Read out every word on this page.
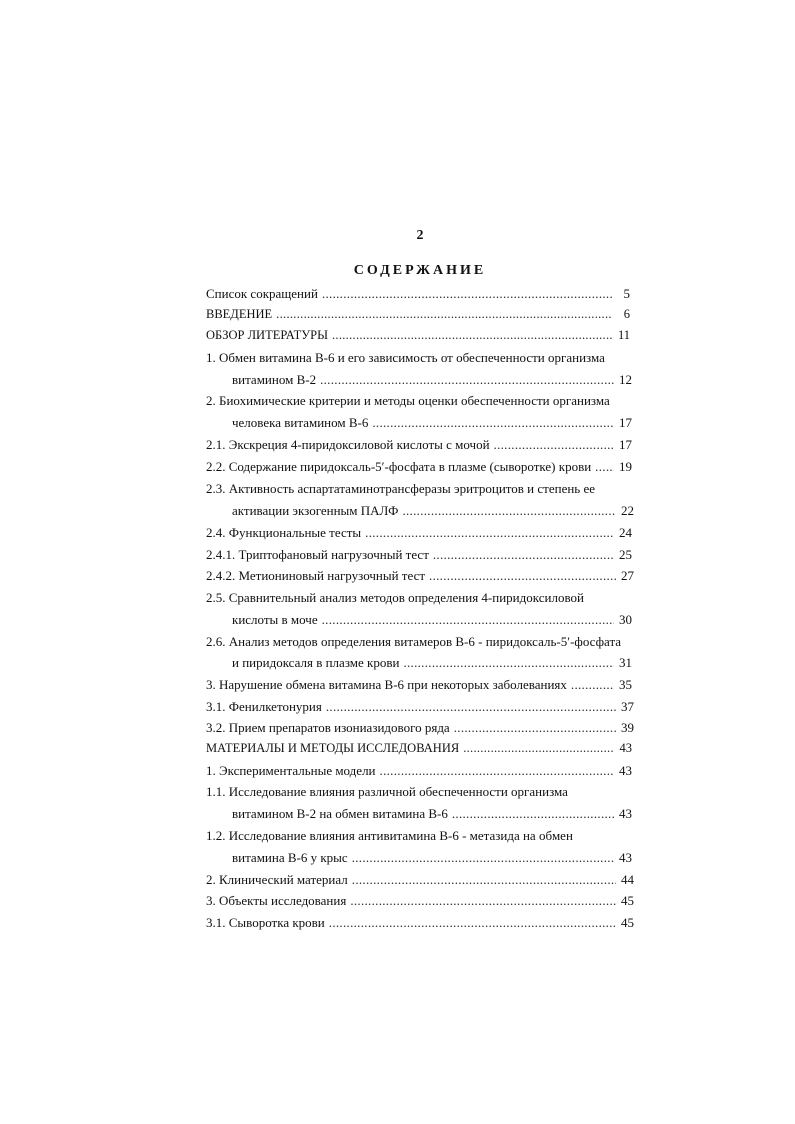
2
СОДЕРЖАНИЕ
Список сокращений .....	5
ВВЕДЕНИЕ .....	6
ОБЗОР ЛИТЕРАТУРЫ .....	11
1. Обмен витамина В-6 и его зависимость от обеспеченности организма
витамином В-2 .....	12
2. Биохимические критерии и методы оценки обеспеченности организма
человека витамином В-6 .....	17
2.1. Экскреция 4-пиридоксиловой кислоты с мочой .....	17
2.2. Содержание пиридоксаль-5′-фосфата в плазме (сыворотке) крови ..... 19
2.3. Активность аспартатаминотрансферазы эритроцитов и степень ее
активации экзогенным ПАЛФ .....	22
2.4. Функциональные тесты .....	24
2.4.1. Триптофановый нагрузочный тест .....	25
2.4.2. Метиониновый нагрузочный тест .....	27
2.5. Сравнительный анализ методов определения 4-пиридоксиловой
кислоты в моче .....	30
2.6. Анализ методов определения витамеров В-6 - пиридоксаль-5′-фосфата
и пиридоксаля в плазме крови .....	31
3. Нарушение обмена витамина В-6 при некоторых заболеваниях .....	35
3.1. Фенилкетонурия .....	37
3.2. Прием препаратов изониазидового ряда .....	39
МАТЕРИАЛЫ И МЕТОДЫ ИССЛЕДОВАНИЯ .....	43
1. Экспериментальные модели .....	43
1.1. Исследование влияния различной обеспеченности организма
витамином В-2 на обмен витамина В-6 .....	43
1.2. Исследование влияния антивитамина В-6 - метазида на обмен
витамина В-6 у крыс .....	43
2. Клинический материал .....	44
3. Объекты исследования .....	45
3.1. Сыворотка крови .....	45
